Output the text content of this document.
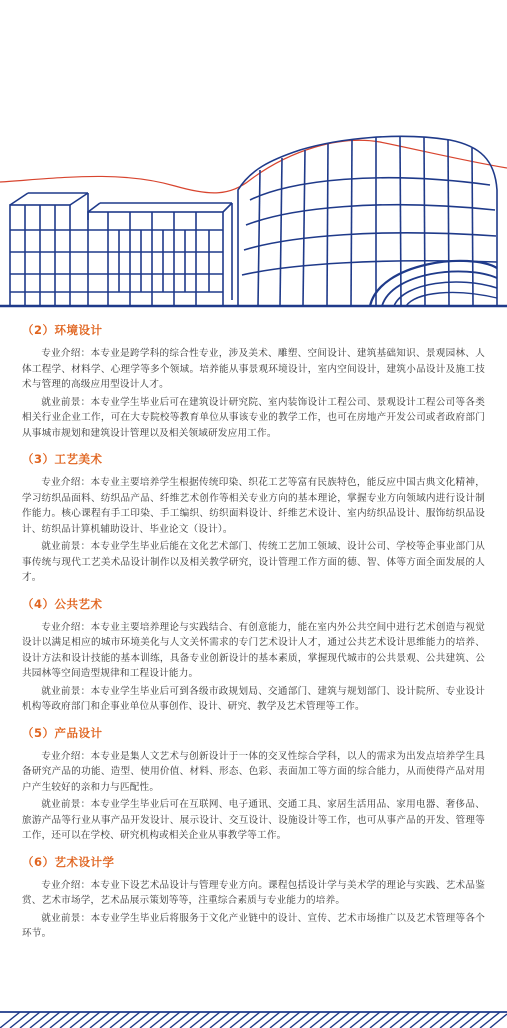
（2）环境设计

专业介绍：本专业是跨学科的综合性专业，涉及美术、雕塑、空间设计、建筑基础知识、景观园林、人体工程学、材料学、心理学等多个领域。培养能从事景观环境设计，室内空间设计，建筑小品设计及施工技术与管理的高级应用型设计人才。

就业前景：本专业学生毕业后可在建筑设计研究院、室内装饰设计工程公司、景观设计工程公司等各类相关行业企业工作，可在大专院校等教育单位从事该专业的教学工作，也可在房地产开发公司或者政府部门从事城市规划和建筑设计管理以及相关领域研发应用工作。

（3）工艺美术

专业介绍：本专业主要培养学生根据传统印染、织花工艺等富有民族特色，能反应中国古典文化精神，学习纺织品面料、纺织品产品、纤维艺术创作等相关专业方向的基本理论，掌握专业方向领域内进行设计制作能力。核心课程有手工印染、手工编织、纺织面料设计、纤维艺术设计、室内纺织品设计、服饰纺织品设计、纺织品计算机辅助设计、毕业论文（设计）。

就业前景：本专业学生毕业后能在文化艺术部门、传统工艺加工领域、设计公司、学校等企事业部门从事传统与现代工艺美术品设计制作以及相关教学研究，设计管理工作方面的德、智、体等方面全面发展的人才。

（4）公共艺术

专业介绍：本专业主要培养理论与实践结合、有创意能力，能在室内外公共空间中进行艺术创造与视觉设计以满足相应的城市环境美化与人文关怀需求的专门艺术设计人才，通过公共艺术设计思维能力的培养、设计方法和设计技能的基本训练，具备专业创新设计的基本素质，掌握现代城市的公共景观、公共建筑、公共园林等空间造型规律和工程设计能力。

就业前景：本专业学生毕业后可到各级市政规划局、交通部门、建筑与规划部门、设计院所、专业设计机构等政府部门和企事业单位从事创作、设计、研究、教学及艺术管理等工作。

（5）产品设计

专业介绍：本专业是集人文艺术与创新设计于一体的交叉性综合学科，以人的需求为出发点培养学生具备研究产品的功能、造型、使用价值、材料、形态、色彩、表面加工等方面的综合能力，从而使得产品对用户产生较好的亲和力与匹配性。

就业前景：本专业学生毕业后可在互联网、电子通讯、交通工具、家居生活用品、家用电器、奢侈品、旅游产品等行业从事产品开发设计、展示设计、交互设计、设施设计等工作，也可从事产品的开发、管理等工作，还可以在学校、研究机构或相关企业从事教学等工作。

（6）艺术设计学

专业介绍：本专业下设艺术品设计与管理专业方向。课程包括设计学与美术学的理论与实践、艺术品鉴赏、艺术市场学，艺术品展示策划等等，注重综合素质与专业能力的培养。

就业前景：本专业学生毕业后将服务于文化产业链中的设计、宣传、艺术市场推广以及艺术管理等各个环节。
